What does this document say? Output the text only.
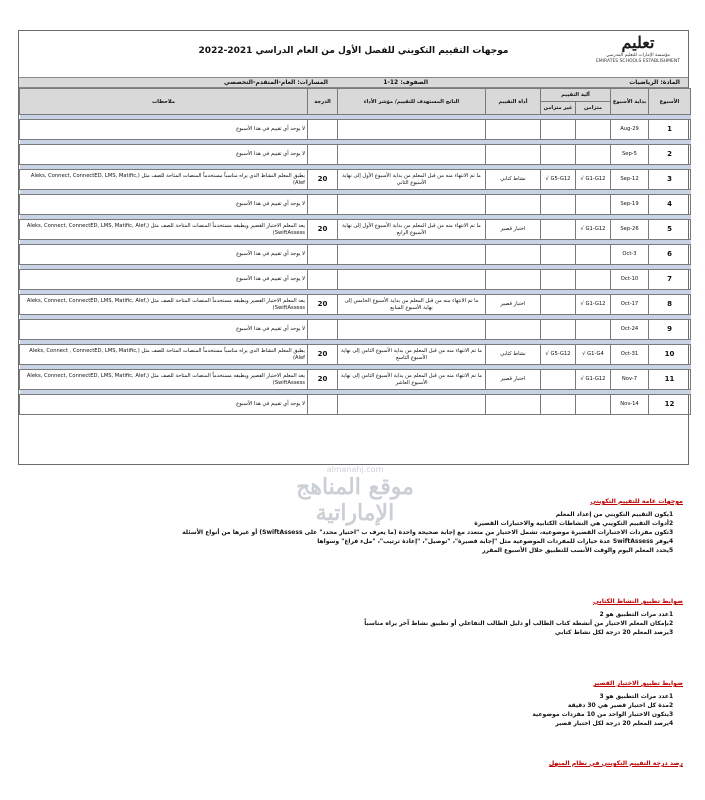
تعليم
مؤسسة الإمارات للتعليم المدرسي
EMIRATES SCHOOLS ESTABLISHMENT
موجهات التقييم التكويني للفصل الأول من العام الدراسي 2021-2022
المادة: الرياضيات
الصفوف: 12-1
المسارات: العام-المتقدم-التخصصي
الأسبوع	بداية الأسبوع	آلية التقييم		أداة التقييم	الناتج المستهدف للتقييم/ مؤشر الأداء	الدرجة	ملاحظات
		متزامن	غير متزامن				

1	Aug-29						لا يوجد أي تقييم في هذا الأسبوع

2	Sep-5						لا يوجد أي تقييم في هذا الأسبوع

3	Sep-12	√ G1-G12	√ G5-G12	نشاط كتابي	ما تم الانتهاء منه من قبل المعلم من بداية الأسبوع الأول إلى نهاية الأسبوع الثاني	20	يطبق المعلم النشاط الذي يراه مناسباً مستخدماً المنصات المتاحة للصف مثل (Aleks, Connect, ConnectED, LMS, Matific, Alef)

4	Sep-19						لا يوجد أي تقييم في هذا الأسبوع

5	Sep-26	√ G1-G12		اختبار قصير	ما تم الانتهاء منه من قبل المعلم من بداية الأسبوع الأول إلى نهاية الأسبوع الرابع	20	يعد المعلم الاختبار القصير ويطبقه مستخدماً المنصات المتاحة للصف مثل (Aleks, Connect, ConnectED, LMS, Matific, Alef, SwiftAssess)

6	Oct-3						لا يوجد أي تقييم في هذا الأسبوع

7	Oct-10						لا يوجد أي تقييم في هذا الأسبوع

8	Oct-17	√ G1-G12		اختبار قصير	ما تم الانتهاء منه من قبل المعلم من بداية الأسبوع الخامس إلى نهاية الأسبوع السابع	20	يعد المعلم الاختبار القصير ويطبقه مستخدماً المنصات المتاحة للصف مثل (Aleks, Connect, ConnectED, LMS, Matific, Alef, SwiftAssess)

9	Oct-24						لا يوجد أي تقييم في هذا الأسبوع

10	Oct-31	√ G1-G4	√ G5-G12	نشاط كتابي	ما تم الانتهاء منه من قبل المعلم من بداية الأسبوع الثامن إلى نهاية الأسبوع التاسع	20	يطبق المعلم النشاط الذي يراه مناسباً مستخدماً المنصات المتاحة للصف مثل (Aleks, Connect , ConnectED, LMS, Matific, Alef)

11	Nov-7	√ G1-G12		اختبار قصير	ما تم الانتهاء منه من قبل المعلم من بداية الأسبوع الثامن إلى نهاية الأسبوع العاشر	20	يعد المعلم الاختبار القصير ويطبقه مستخدماً المنصات المتاحة للصف مثل (Aleks, Connect, ConnectED, LMS, Matific, Alef, SwiftAssess)

12	Nov-14						لا يوجد أي تقييم في هذا الأسبوع
almanahj.com
موقع المناهج الإماراتية	موجهات عامة للتقييم التكويني
1يكون التقييم التكويني من إعداد المعلم
2أدوات التقييم التكويني هي النشاطات الكتابية والاختبارات القصيرة
3تكون مفردات الاختبارات القصيرة موضوعية، تشمل الاختيار من متعدد مع إجابة صحيحة واحدة (ما يعرف ب "اختيار محدد" على SwiftAssess) أو غيرها من أنواع الأسئلة
4يوفر SwiftAssess عدة خيارات للمفردات الموضوعية مثل "إجابة قصيرة"، "توصيل"، "إعادة ترتيب"، "ملء فراغ" وسواها
5يحدد المعلم اليوم والوقت الأنسب للتطبيق خلال الأسبوع المقرر
ضوابط تطبيق النشاط الكتابي
1عدد مرات التطبيق هو 2
2بإمكان المعلم الاختيار من أنشطة كتاب الطالب أو دليل الطالب التفاعلي أو تطبيق نشاط آخر يراه مناسباً
3يرصد المعلم 20 درجة لكل نشاط كتابي
ضوابط تطبيق الاختبار القصير
1عدد مرات التطبيق هو 3
2مدة كل اختبار قصير هي 30 دقيقة
3يتكون الاختبار الواحد من 10 مفردات موضوعية
4يرصد المعلم 20 درجة لكل اختبار قصير
رصد درجة التقييم التكويني في نظام المنهل
